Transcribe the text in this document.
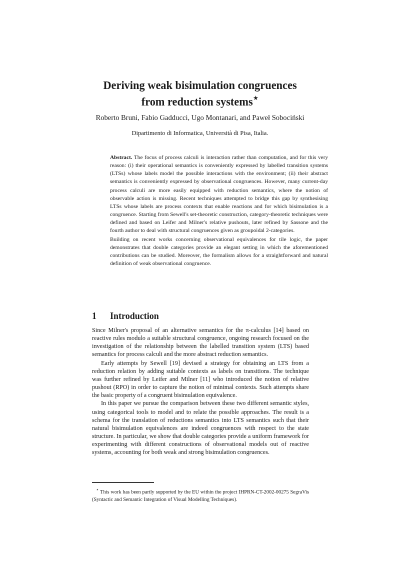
Deriving weak bisimulation congruences

from reduction systems⋆

Roberto Bruni, Fabio Gadducci, Ugo Montanari, and Paweł Sobociński
Dipartimento di Informatica, Università di Pisa, Italia.

Abstract. The focus of process calculi is interaction rather than computation, and for this very reason: (i) their operational semantics is conveniently expressed by labelled transition systems (LTSs) whose labels model the possible interactions with the environment; (ii) their abstract semantics is conveniently expressed by observational congruences. However, many current-day process calculi are more easily equipped with reduction semantics, where the notion of observable action is missing. Recent techniques attempted to bridge this gap by synthesising LTSs whose labels are process contexts that enable reactions and for which bisimulation is a congruence. Starting from Sewell's set-theoretic construction, category-theoretic techniques were defined and based on Leifer and Milner's relative pushouts, later refined by Sassone and the fourth author to deal with structural congruences given as groupoidal 2-categories.

Building on recent works concerning observational equivalences for tile logic, the paper demonstrates that double categories provide an elegant setting in which the aforementioned contributions can be studied. Moreover, the formalism allows for a straightforward and natural definition of weak observational congruence.

1 Introduction

Since Milner's proposal of an alternative semantics for the π-calculus [14] based on reactive rules modulo a suitable structural congruence, ongoing research focused on the investigation of the relationship between the labelled transition system (LTS) based semantics for process calculi and the more abstract reduction semantics.

Early attempts by Sewell [19] devised a strategy for obtaining an LTS from a reduction relation by adding suitable contexts as labels on transitions. The technique was further refined by Leifer and Milner [11] who introduced the notion of relative pushout (RPO) in order to capture the notion of minimal contexts. Such attempts share the basic property of a congruent bisimulation equivalence.

In this paper we pursue the comparison between these two different semantic styles, using categorical tools to model and to relate the possible approaches. The result is a schema for the translation of reductions semantics into LTS semantics such that their natural bisimulation equivalences are indeed congruences with respect to the state structure. In particular, we show that double categories provide a uniform framework for experimenting with different constructions of observational models out of reactive systems, accounting for both weak and strong bisimulation congruences.

⋆ This work has been partly supported by the EU within the project IHPRN-CT-2002-00275 SegraVis (Syntactic and Semantic Integration of Visual Modelling Techniques).
